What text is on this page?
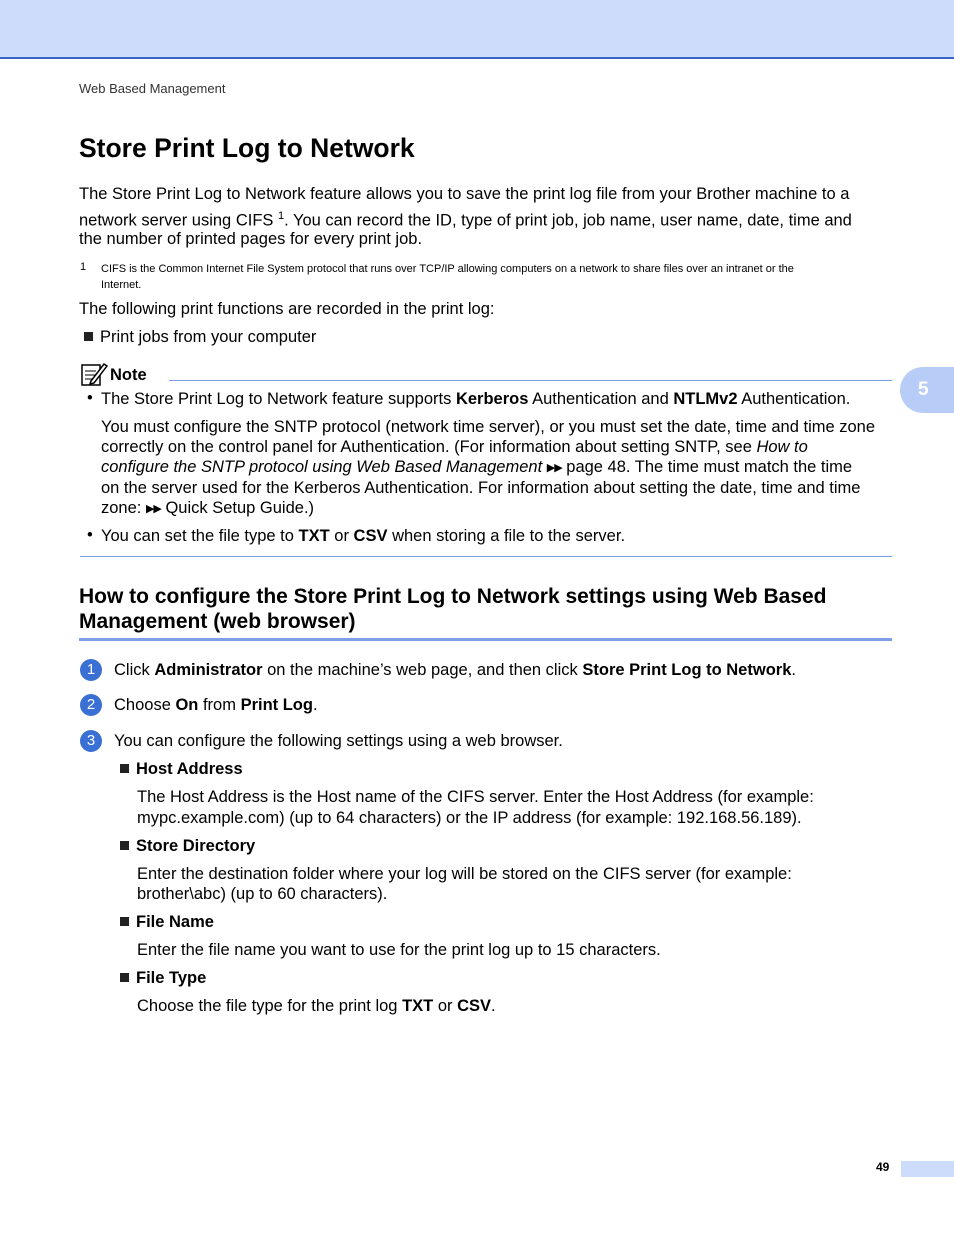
Web Based Management
Store Print Log to Network

The Store Print Log to Network feature allows you to save the print log file from your Brother machine to a

network server using CIFS $^1$. You can record the ID, type of print job, job name, user name, date, time and

the number of printed pages for every print job.

1 CIFS is the Common Internet File System protocol that runs over TCP/IP allowing computers on a network to share files over an intranet or the
Internet.

The following print functions are recorded in the print log:

Print jobs from your computer

Note
• The Store Print Log to Network feature supports Kerberos Authentication and NTLMv2 Authentication.

You must configure the SNTP protocol (network time server), or you must set the date, time and time zone

correctly on the control panel for Authentication. (For information about setting SNTP, see How to

configure the SNTP protocol using Web Based Management ▶▶ page 48. The time must match the time

on the server used for the Kerberos Authentication. For information about setting the date, time and time

zone: ▶▶ Quick Setup Guide.)

• You can set the file type to TXT or CSV when storing a file to the server.

How to configure the Store Print Log to Network settings using Web Based
Management (web browser)
1	Click Administrator on the machine’s web page, and then click Store Print Log to Network.

2	Choose On from Print Log.

3	You can configure the following settings using a web browser.

Host Address

The Host Address is the Host name of the CIFS server. Enter the Host Address (for example:

mypc.example.com) (up to 64 characters) or the IP address (for example: 192.168.56.189).

Store Directory

Enter the destination folder where your log will be stored on the CIFS server (for example:

brother\abc) (up to 60 characters).

File Name

Enter the file name you want to use for the print log up to 15 characters.

File Type

Choose the file type for the print log TXT or CSV.

5
49
